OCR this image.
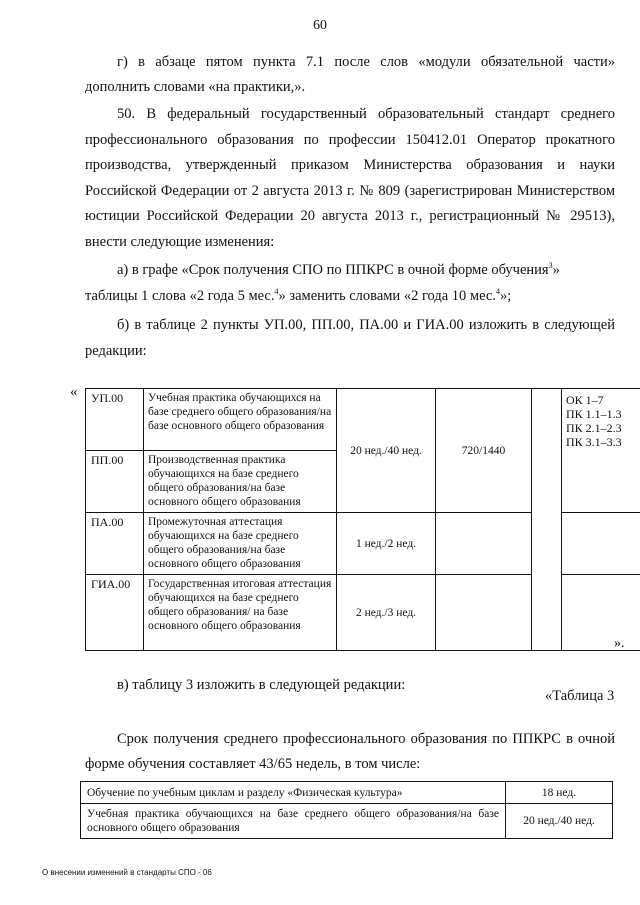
60
г) в абзаце пятом пункта 7.1 после слов «модули обязательной части»
дополнить словами «на практики,».
50. В федеральный государственный образовательный стандарт среднего
профессионального образования по профессии 150412.01 Оператор прокатного
производства, утвержденный приказом Министерства образования и науки
Российской Федерации от 2 августа 2013 г. № 809 (зарегистрирован Министерством
юстиции Российской Федерации 20 августа 2013 г., регистрационный № 29513),
внести следующие изменения:
а) в графе «Срок получения СПО по ППКРС в очной форме обучения$^3$»
таблицы 1 слова «2 года 5 мес.$^4$» заменить словами «2 года 10 мес.$^4$»;
б) в таблице 2 пункты УП.00, ПП.00, ПА.00 и ГИА.00 изложить в следующей
редакции:
« УП.00	Учебная практика обучающихся на базе среднего общего образования/на базе основного общего образования	20 нед./40 нед.	720/1440		ОК 1–7
ПК 1.1–1.3
ПК 2.1–2.3
ПК 3.1–3.3

ПП.00	Производственная практика обучающихся на базе среднего общего образования/на базе основного общего образования				
ПА.00	Промежуточная аттестация обучающихся на базе среднего общего образования/на базе основного общего образования	1 нед./2 нед.			
ГИА.00	Государственная итоговая аттестация обучающихся на базе среднего общего образования/ на базе основного общего образования	2 нед./3 нед.			
».
в) таблицу 3 изложить в следующей редакции:
«Таблица 3
Срок получения среднего профессионального образования по ППКРС в очной
форме обучения составляет 43/65 недель, в том числе:
Обучение по учебным циклам и разделу «Физическая культура»	18 нед.
Учебная практика обучающихся на базе среднего общего образования/на базе основного общего образования	20 нед./40 нед.
О внесении изменений в стандарты СПО - 06
